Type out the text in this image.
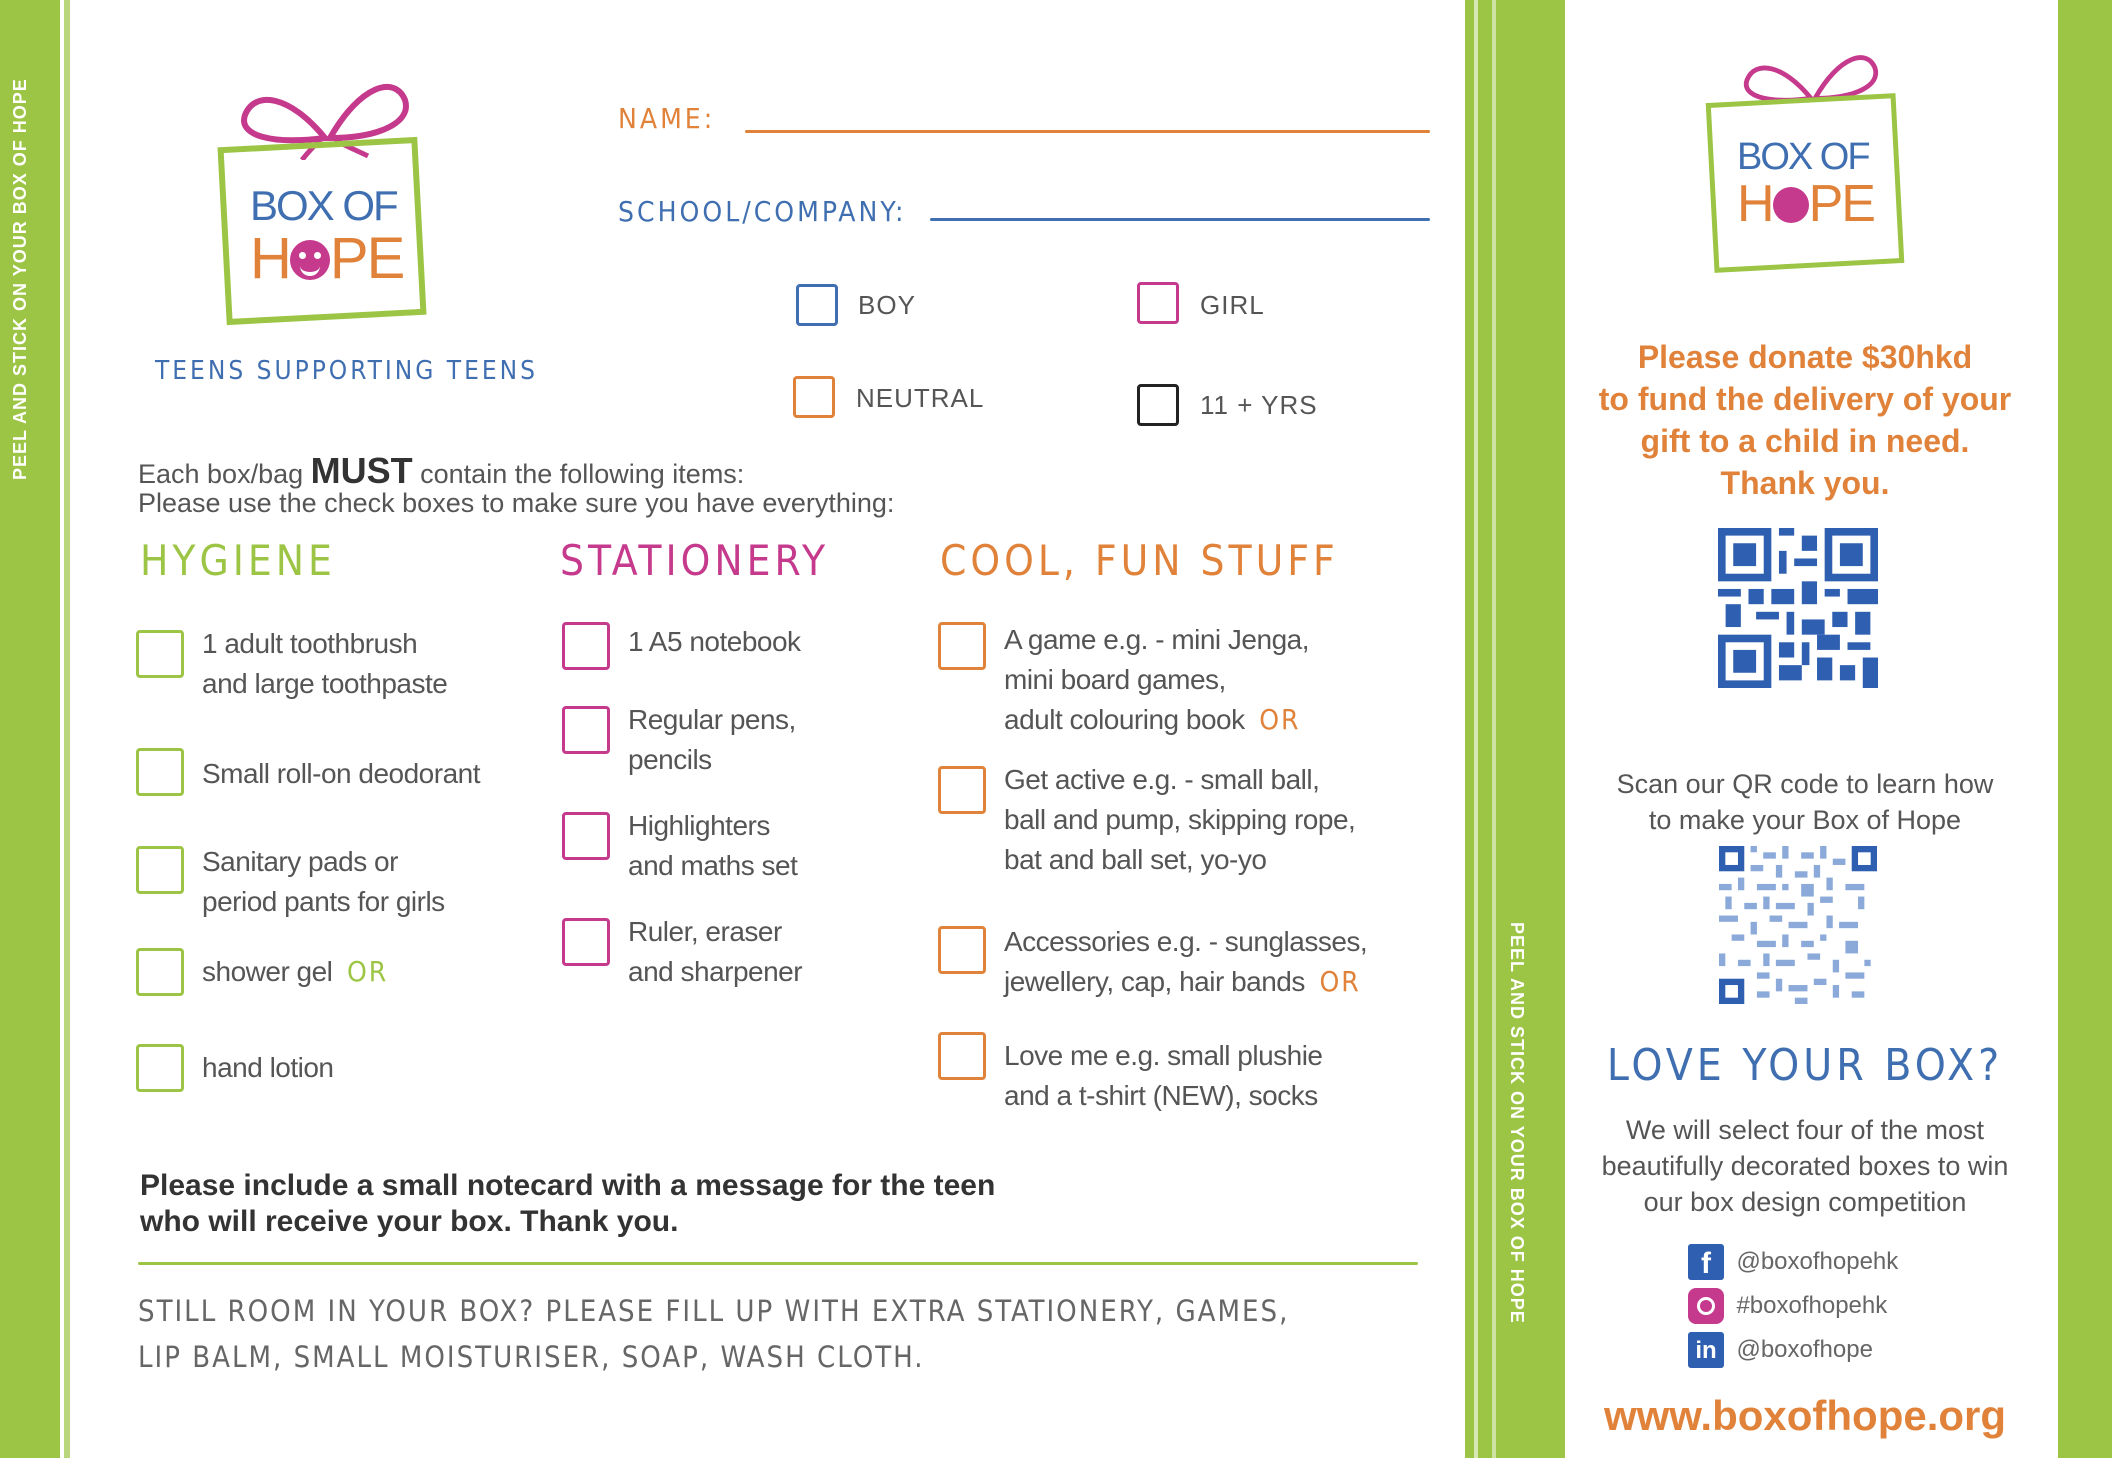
PEEL AND STICK ON YOUR BOX OF HOPE
PEEL AND STICK ON YOUR BOX OF HOPE
BOX OF
H PE
TEENS SUPPORTING TEENS
NAME:
SCHOOL/COMPANY:
BOY	GIRL
NEUTRAL	11 + YRS
Each box/bag MUST contain the following items:
Please use the check boxes to make sure you have everything:
HYGIENE
1 adult toothbrush
and large toothpaste
Small roll-on deodorant
Sanitary pads or
period pants for girls
shower gel OR
hand lotion
STATIONERY
1 A5 notebook
Regular pens,
pencils
Highlighters
and maths set
Ruler, eraser
and sharpener
COOL, FUN STUFF
A game e.g. - mini Jenga,
mini board games,
adult colouring book OR
Get active e.g. - small ball,
ball and pump, skipping rope,
bat and ball set, yo-yo
Accessories e.g. - sunglasses,
jewellery, cap, hair bands OR
Love me e.g. small plushie
and a t-shirt (NEW), socks
Please include a small notecard with a message for the teen
who will receive your box. Thank you.
STILL ROOM IN YOUR BOX? PLEASE FILL UP WITH EXTRA STATIONERY, GAMES,
LIP BALM, SMALL MOISTURISER, SOAP, WASH CLOTH.
BOX OF
H PE
Please donate $30hkd
to fund the delivery of your
gift to a child in need.
Thank you.
Scan our QR code to learn how
to make your Box of Hope
LOVE YOUR BOX?
We will select four of the most
beautifully decorated boxes to win
our box design competition
f @boxofhopehk
#boxofhopehk
in @boxofhope
www.boxofhope.org
